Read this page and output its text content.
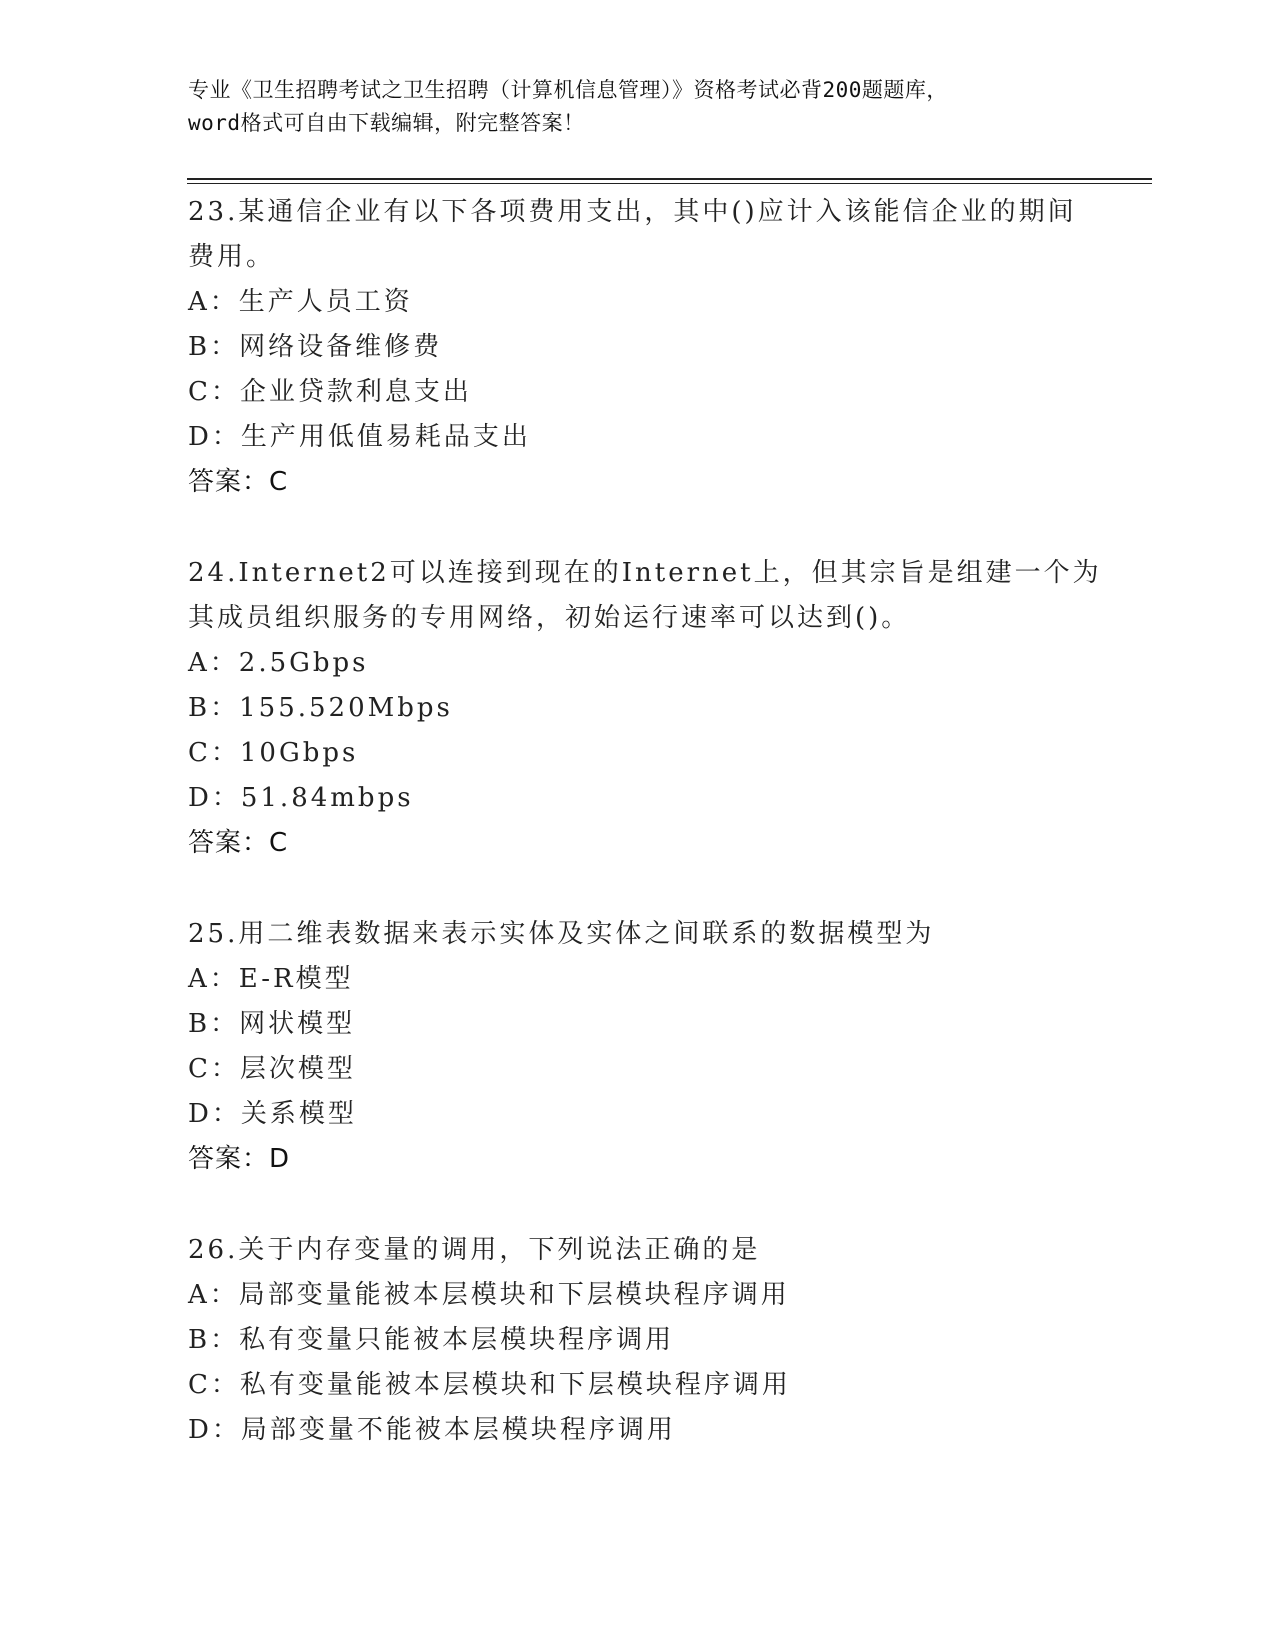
专业《卫生招聘考试之卫生招聘（计算机信息管理）》资格考试必背200题题库，
word格式可自由下载编辑，附完整答案！

23.某通信企业有以下各项费用支出，其中()应计入该能信企业的期间

费用。

A：生产人员工资

B：网络设备维修费

C：企业贷款利息支出

D：生产用低值易耗品支出

答案：C

24.Internet2可以连接到现在的Internet上，但其宗旨是组建一个为

其成员组织服务的专用网络，初始运行速率可以达到()。

A：2.5Gbps

B：155.520Mbps

C：10Gbps

D：51.84mbps

答案：C

25.用二维表数据来表示实体及实体之间联系的数据模型为

A：E-R模型

B：网状模型

C：层次模型

D：关系模型

答案：D

26.关于内存变量的调用，下列说法正确的是

A：局部变量能被本层模块和下层模块程序调用

B：私有变量只能被本层模块程序调用

C：私有变量能被本层模块和下层模块程序调用

D：局部变量不能被本层模块程序调用
